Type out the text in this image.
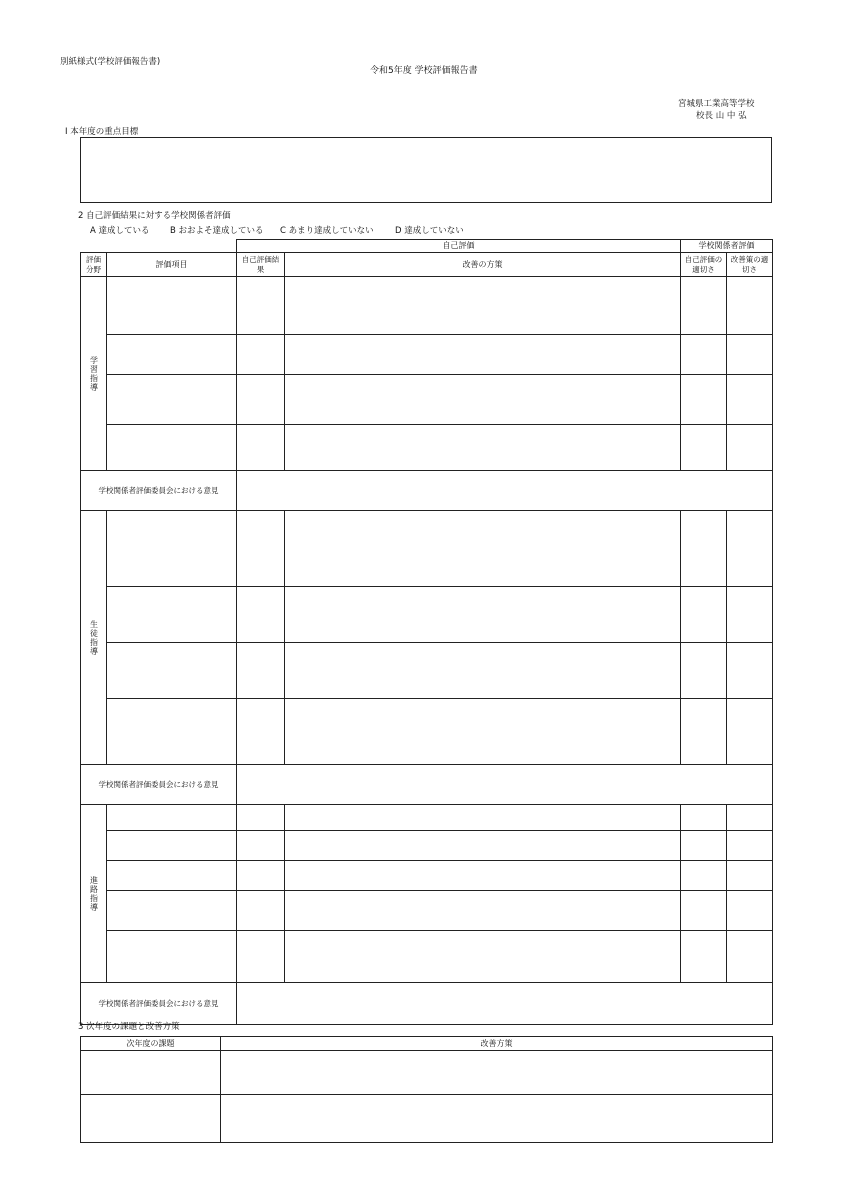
別紙様式(学校評価報告書)
令和5年度 学校評価報告書
宮城県工業高等学校
校長 山 中 弘
Ⅰ 本年度の重点目標
2 自己評価結果に対する学校関係者評価
A 達成している B おおよそ達成している C あまり達成していない	D 達成していない
		自己評価		学校関係者評価	
評価分野	評価項目	自己評価結果	改善の方策	自己評価の適切さ	改善策の適切さ
学習指導					

学校関係者評価委員会における意見					
生徒指導					

学校関係者評価委員会における意見					
進路指導					

学校関係者評価委員会における意見					
3 次年度の課題と改善方策
次年度の課題	改善方策
